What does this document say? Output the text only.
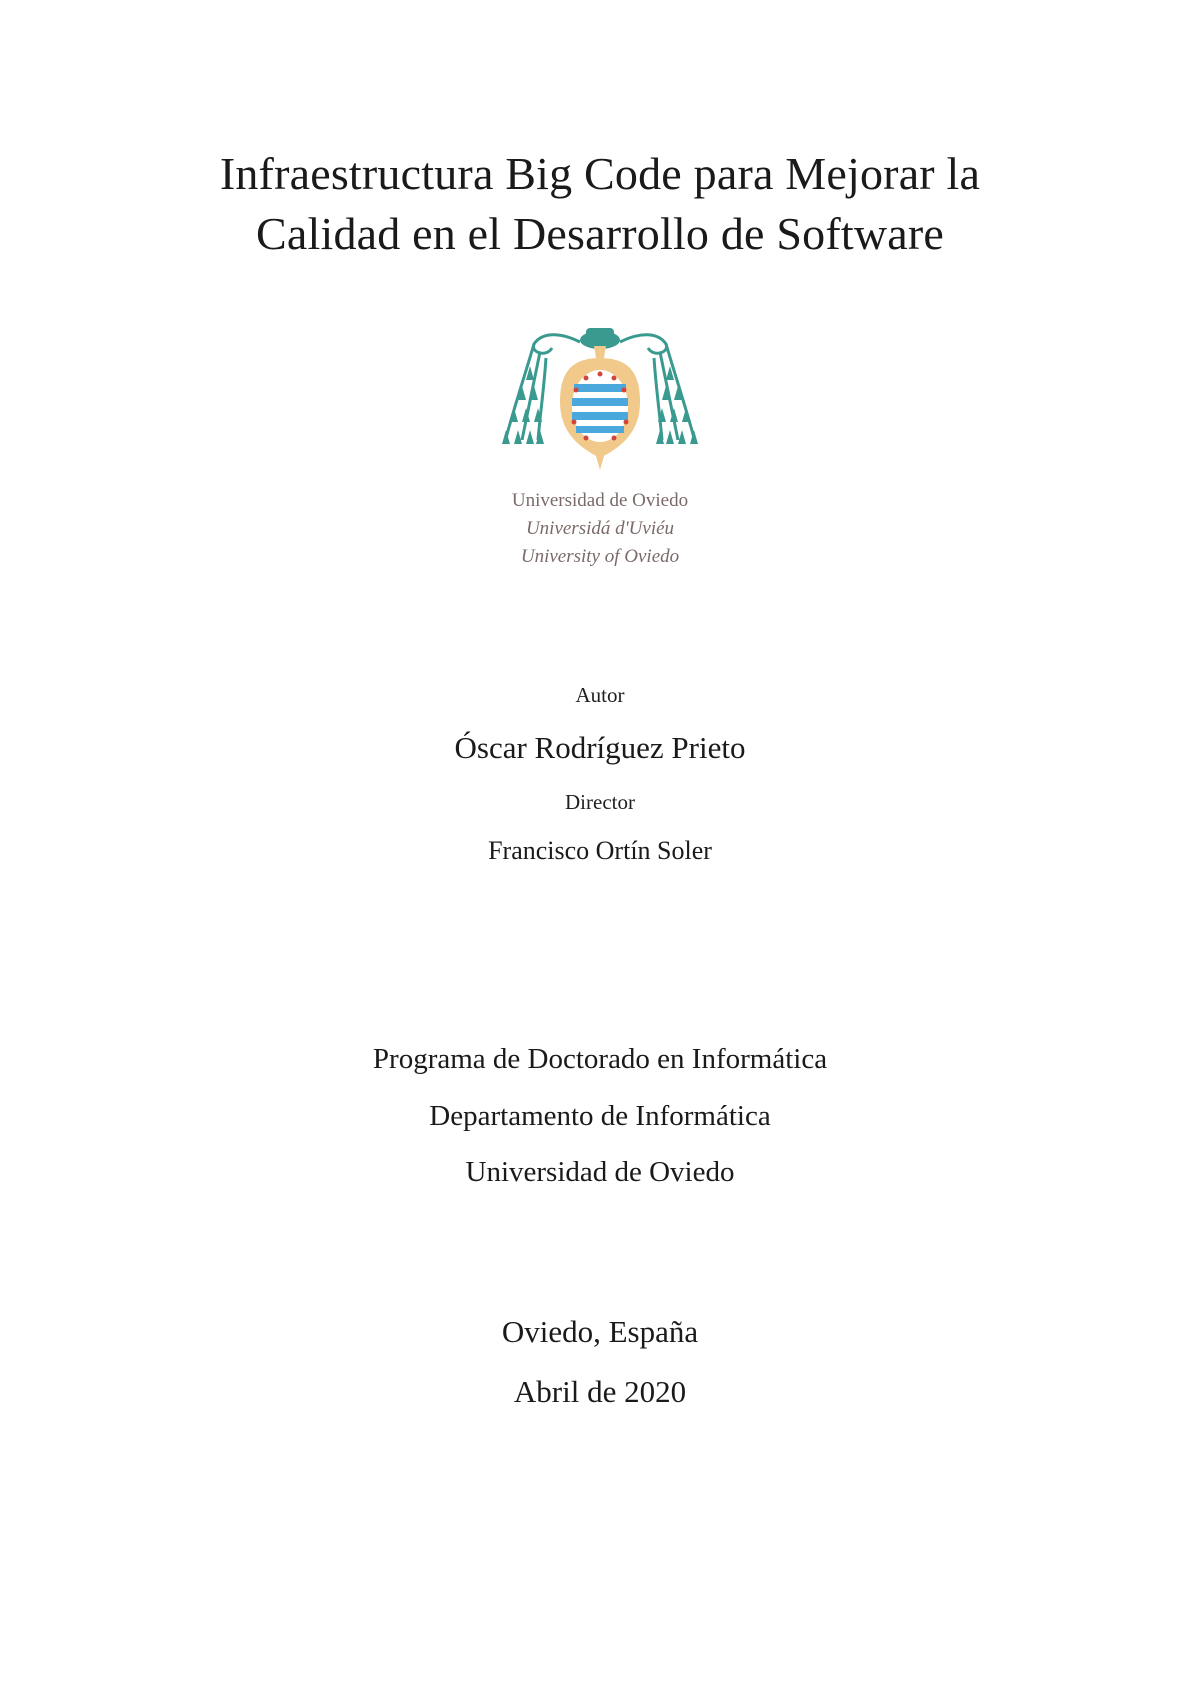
Infraestructura Big Code para Mejorar la
Calidad en el Desarrollo de Software
Universidad de Oviedo
Universidá d'Uviéu
University of Oviedo
Autor
Óscar Rodríguez Prieto
Director
Francisco Ortín Soler
Programa de Doctorado en Informática
Departamento de Informática
Universidad de Oviedo
Oviedo, España
Abril de 2020
